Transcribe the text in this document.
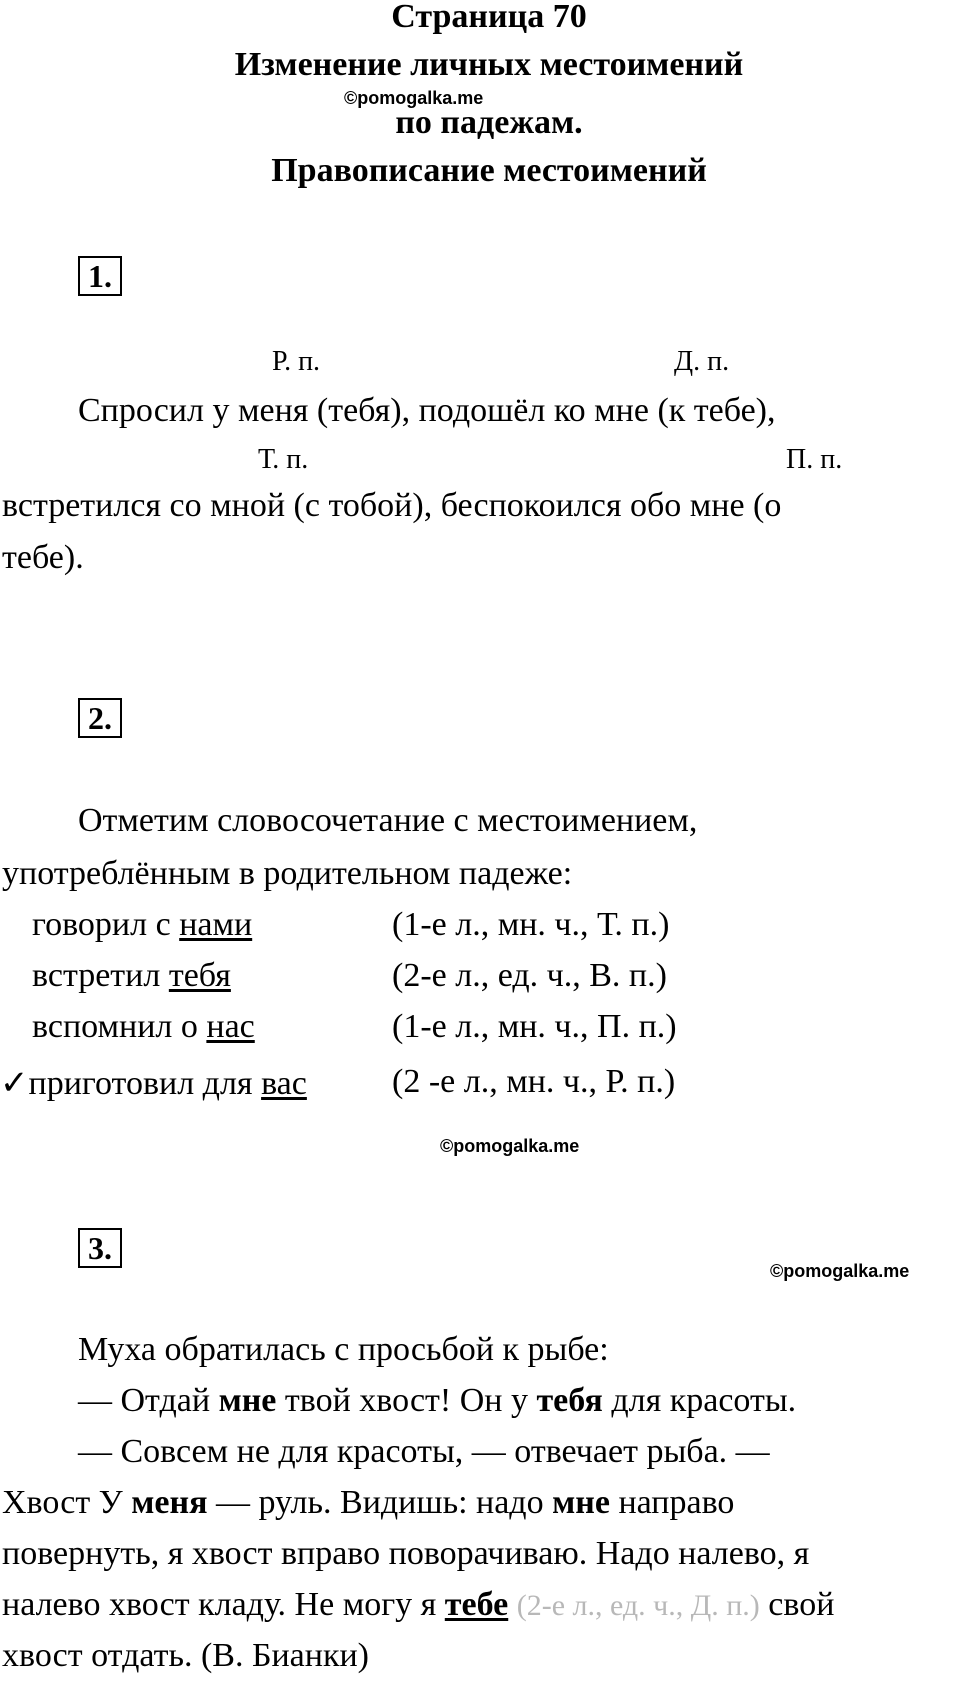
Страница 70
Изменение личных местоимений
©pomogalka.me
по падежам.
Правописание местоимений
1.
Р. п.	Д. п.
Спросил у меня (тебя), подошёл ко мне (к тебе),
Т. п.	П. п.
встретился со мной (с тобой), беспокоился обо мне (о
тебе).
2.
Отметим словосочетание с местоимением,
употреблённым в родительном падеже:
говорил с нами	(1-е л., мн. ч., Т. п.)
встретил тебя	(2-е л., ед. ч., В. п.)
вспомнил о нас	(1-е л., мн. ч., П. п.)
✓приготовил для вас	(2 -е л., мн. ч., Р. п.)
©pomogalka.me
3.
©pomogalka.me
Муха обратилась с просьбой к рыбе:
— Отдай мне твой хвост! Он у тебя для красоты.
— Совсем не для красоты, — отвечает рыба. —
Хвост У меня — руль. Видишь: надо мне направо
повернуть, я хвост вправо поворачиваю. Надо налево, я
налево хвост кладу. Не могу я тебе (2-е л., ед. ч., Д. п.) свой
хвост отдать. (В. Бианки)
